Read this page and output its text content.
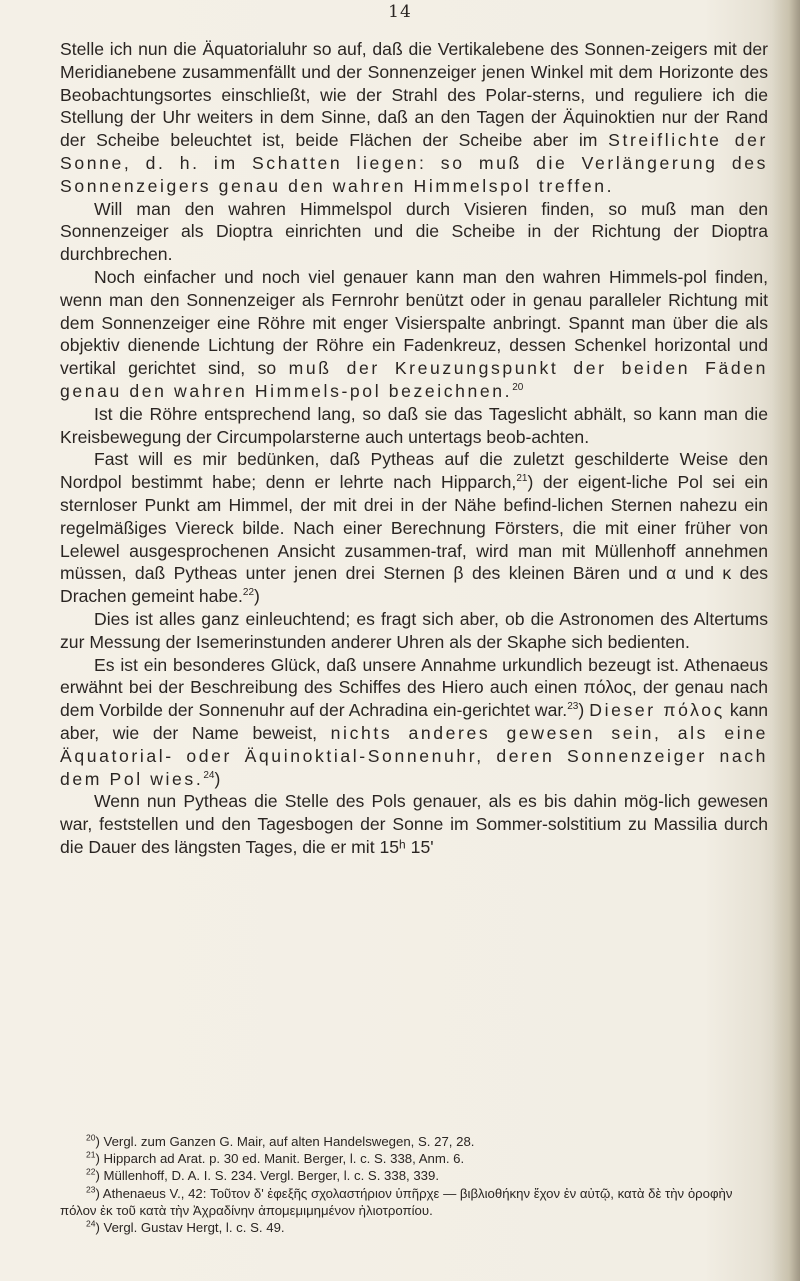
14

Stelle ich nun die Äquatorialuhr so auf, daß die Vertikalebene des Sonnen-zeigers mit der Meridianebene zusammenfällt und der Sonnenzeiger jenen Winkel mit dem Horizonte des Beobachtungsortes einschließt, wie der Strahl des Polar-sterns, und reguliere ich die Stellung der Uhr weiters in dem Sinne, daß an den Tagen der Äquinoktien nur der Rand der Scheibe beleuchtet ist, beide Flächen der Scheibe aber im Streiflichte der Sonne, d. h. im Schatten liegen: so muß die Verlängerung des Sonnenzeigers genau den wahren Himmelspol treffen.

Will man den wahren Himmelspol durch Visieren finden, so muß man den Sonnenzeiger als Dioptra einrichten und die Scheibe in der Richtung der Dioptra durchbrechen.

Noch einfacher und noch viel genauer kann man den wahren Himmels-pol finden, wenn man den Sonnenzeiger als Fernrohr benützt oder in genau paralleler Richtung mit dem Sonnenzeiger eine Röhre mit enger Visierspalte anbringt. Spannt man über die als objektiv dienende Lichtung der Röhre ein Fadenkreuz, dessen Schenkel horizontal und vertikal gerichtet sind, so muß der Kreuzungspunkt der beiden Fäden genau den wahren Himmels-pol bezeichnen.$^{20}$

Ist die Röhre entsprechend lang, so daß sie das Tageslicht abhält, so kann man die Kreisbewegung der Circumpolarsterne auch untertags beob-achten.

Fast will es mir bedünken, daß Pytheas auf die zuletzt geschilderte Weise den Nordpol bestimmt habe; denn er lehrte nach Hipparch,$^{21}$) der eigent-liche Pol sei ein sternloser Punkt am Himmel, der mit drei in der Nähe befind-lichen Sternen nahezu ein regelmäßiges Viereck bilde. Nach einer Berechnung Försters, die mit einer früher von Lelewel ausgesprochenen Ansicht zusammen-traf, wird man mit Müllenhoff annehmen müssen, daß Pytheas unter jenen drei Sternen β des kleinen Bären und α und κ des Drachen gemeint habe.$^{22}$)

Dies ist alles ganz einleuchtend; es fragt sich aber, ob die Astronomen des Altertums zur Messung der Isemerinstunden anderer Uhren als der Skaphe sich bedienten.

Es ist ein besonderes Glück, daß unsere Annahme urkundlich bezeugt ist. Athenaeus erwähnt bei der Beschreibung des Schiffes des Hiero auch einen πόλος, der genau nach dem Vorbilde der Sonnenuhr auf der Achradina ein-gerichtet war.$^{23}$) Dieser πόλος kann aber, wie der Name beweist, nichts anderes gewesen sein, als eine Äquatorial- oder Äquinoktial-Sonnenuhr, deren Sonnenzeiger nach dem Pol wies.$^{24}$)

Wenn nun Pytheas die Stelle des Pols genauer, als es bis dahin mög-lich gewesen war, feststellen und den Tagesbogen der Sonne im Sommer-solstitium zu Massilia durch die Dauer des längsten Tages, die er mit 15ʰ 15'

$^{20}$) Vergl. zum Ganzen G. Mair, auf alten Handelswegen, S. 27, 28.

$^{21}$) Hipparch ad Arat. p. 30 ed. Manit. Berger, l. c. S. 338, Anm. 6.

$^{22}$) Müllenhoff, D. A. I. S. 234. Vergl. Berger, l. c. S. 338, 339.

$^{23}$) Athenaeus V., 42: Τοῦτον δ' ἐφεξῆς σχολαστήριον ὑπῆρχε — βιβλιοθήκην ἔχον ἐν αὐτῷ, κατὰ δὲ τὴν ὀροφὴν πόλον ἐκ τοῦ κατὰ τὴν Ἀχραδίνην ἀπομεμιμημένον ἡλιοτροπίου.

$^{24}$) Vergl. Gustav Hergt, l. c. S. 49.
